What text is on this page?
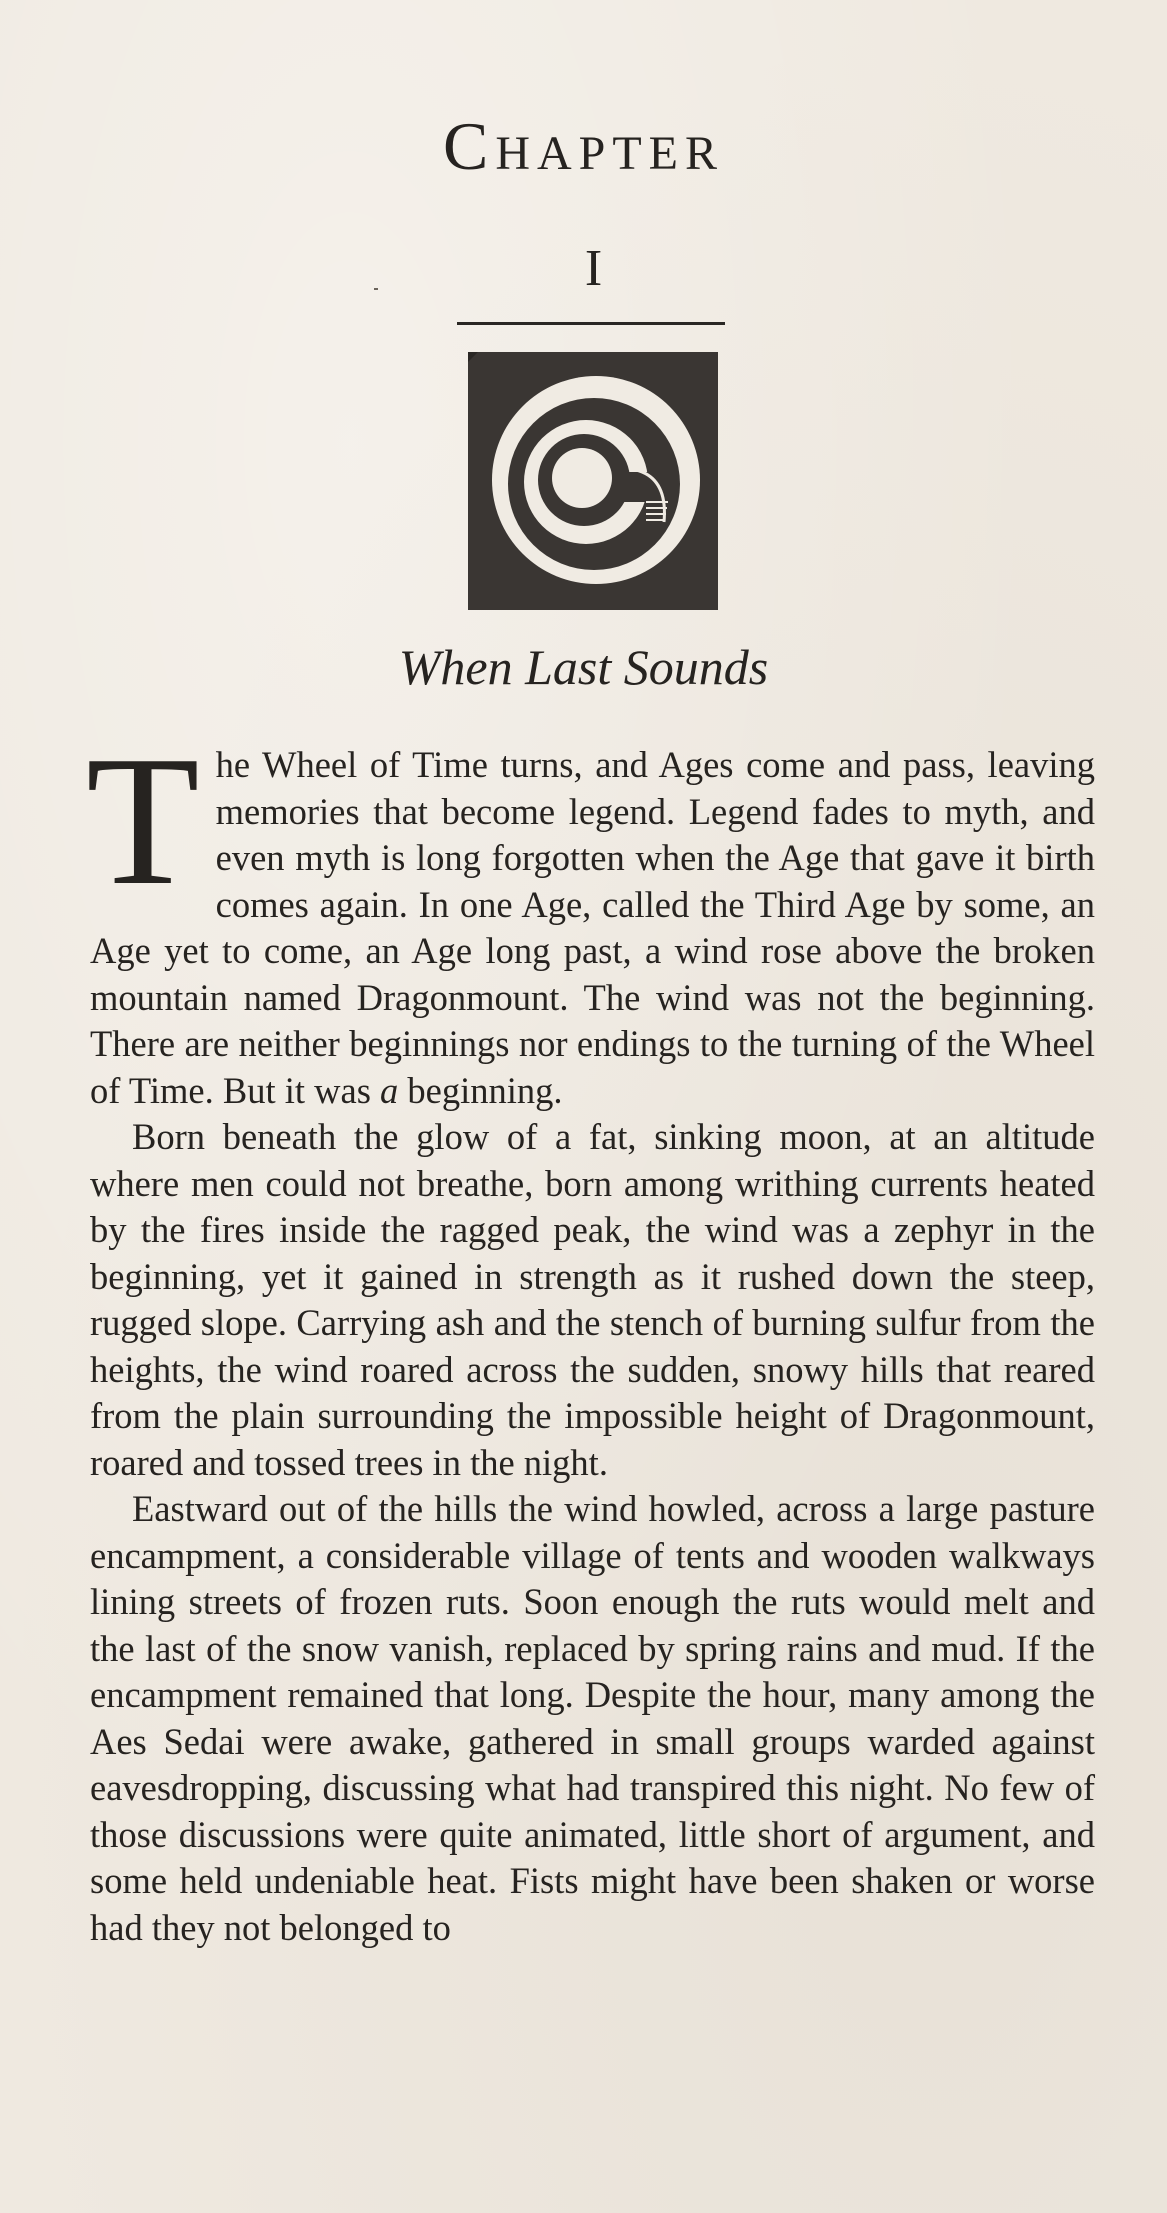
Chapter
I
When Last Sounds

The Wheel of Time turns, and Ages come and pass, leaving memories that become legend. Legend fades to myth, and even myth is long forgotten when the Age that gave it birth comes again. In one Age, called the Third Age by some, an Age yet to come, an Age long past, a wind rose above the broken mountain named Dragonmount. The wind was not the beginning. There are neither beginnings nor endings to the turning of the Wheel of Time. But it was a beginning.

Born beneath the glow of a fat, sinking moon, at an altitude where men could not breathe, born among writhing currents heated by the fires inside the ragged peak, the wind was a zephyr in the beginning, yet it gained in strength as it rushed down the steep, rugged slope. Carrying ash and the stench of burning sulfur from the heights, the wind roared across the sudden, snowy hills that reared from the plain surrounding the impossible height of Dragonmount, roared and tossed trees in the night.

Eastward out of the hills the wind howled, across a large pasture encampment, a considerable village of tents and wooden walkways lining streets of frozen ruts. Soon enough the ruts would melt and the last of the snow vanish, replaced by spring rains and mud. If the encampment remained that long. Despite the hour, many among the Aes Sedai were awake, gathered in small groups warded against eavesdropping, discussing what had transpired this night. No few of those discussions were quite animated, little short of argument, and some held undeniable heat. Fists might have been shaken or worse had they not belonged to
